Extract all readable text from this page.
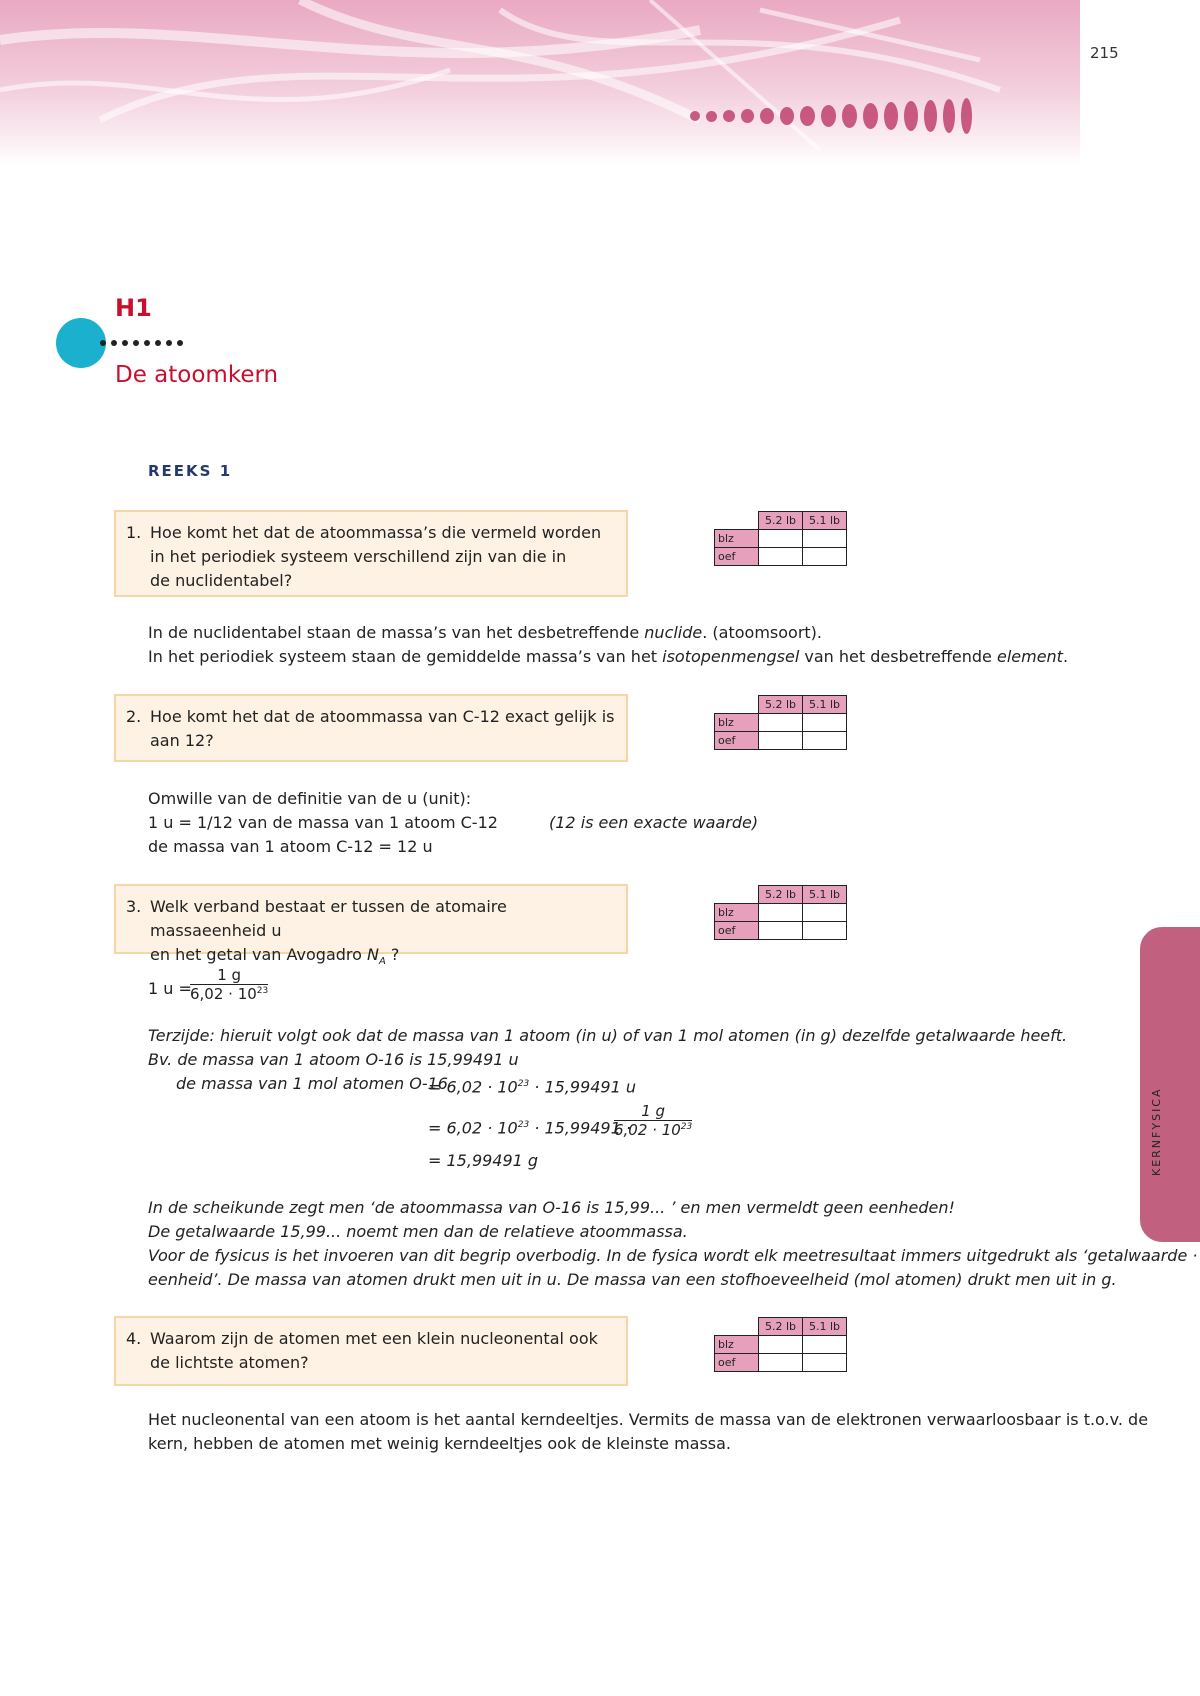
215
H1
De atoomkern
REEKS 1
1. Hoe komt het dat de atoommassa’s die vermeld worden
in het periodiek systeem verschillend zijn van die in
de nuclidentabel?
	5.2 lb	5.1 lb
blz		
oef		
In de nuclidentabel staan de massa’s van het desbetreffende nuclide. (atoomsoort).
In het periodiek systeem staan de gemiddelde massa’s van het isotopenmengsel van het desbetreffende element.
2. Hoe komt het dat de atoommassa van C-12 exact gelijk is
aan 12?
	5.2 lb	5.1 lb
blz		
oef		
Omwille van de definitie van de u (unit):
1 u = 1/12 van de massa van 1 atoom C-12
de massa van 1 atoom C-12 = 12 u
(12 is een exacte waarde)
3. Welk verband bestaat er tussen de atomaire massaeenheid u
en het getal van Avogadro $N_A$ ?
	5.2 lb	5.1 lb
blz		
oef		
1 u =
$\frac{1 g}{6,02 \cdot 10^{23}}$
Terzijde: hieruit volgt ook dat de massa van 1 atoom (in u) of van 1 mol atomen (in g) dezelfde getalwaarde heeft.
Bv. de massa van 1 atoom O-16 is 15,99491 u
de massa van 1 mol atomen O-16
= $6,02 \cdot 10^{23} \cdot 15,99491$ u
= $6,02 \cdot 10^{23} \cdot 15,99491$ ·
$\frac{1 g}{6,02 \cdot 10^{23}}$
= 15,99491 g
In de scheikunde zegt men ‘de atoommassa van O-16 is 15,99... ’ en men vermeldt geen eenheden!
De getalwaarde 15,99... noemt men dan de relatieve atoommassa.
Voor de fysicus is het invoeren van dit begrip overbodig. In de fysica wordt elk meetresultaat immers uitgedrukt als ‘getalwaarde ·
eenheid’. De massa van atomen drukt men uit in u. De massa van een stofhoeveelheid (mol atomen) drukt men uit in g.
4. Waarom zijn de atomen met een klein nucleonental ook
de lichtste atomen?
	5.2 lb	5.1 lb
blz		
oef		
Het nucleonental van een atoom is het aantal kerndeeltjes. Vermits de massa van de elektronen verwaarloosbaar is t.o.v. de
kern, hebben de atomen met weinig kerndeeltjes ook de kleinste massa.
KERNFYSICA
